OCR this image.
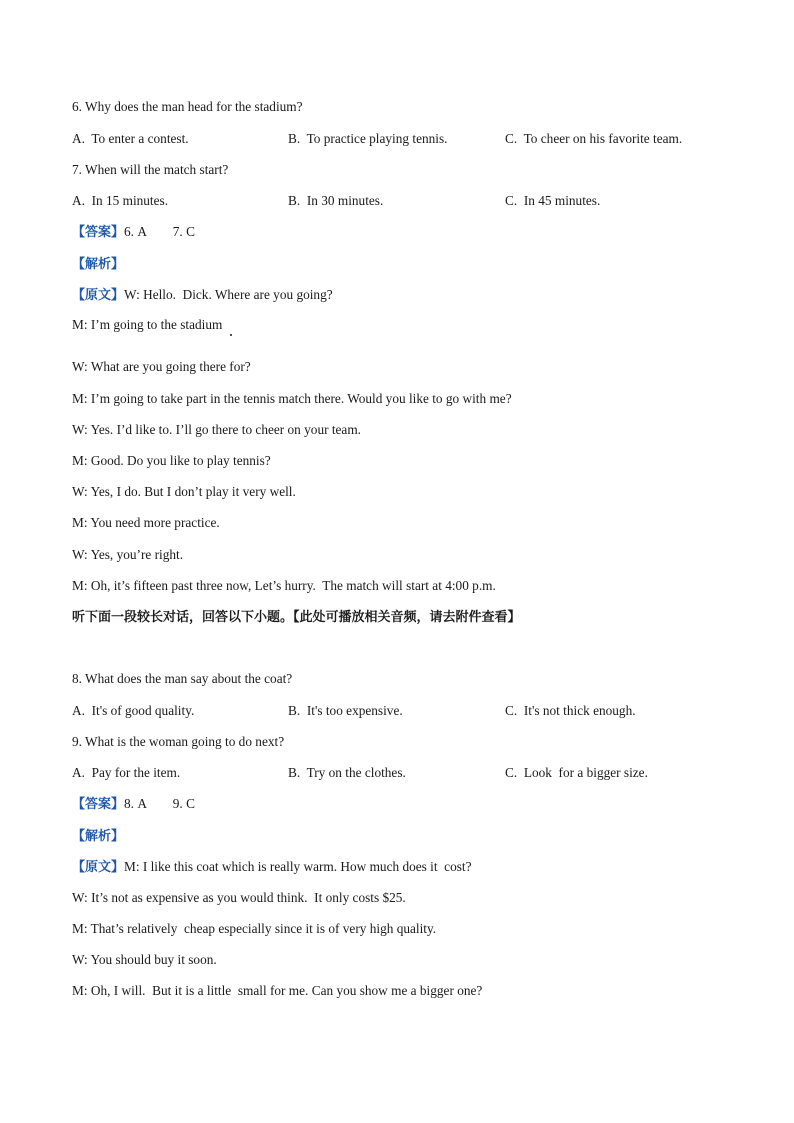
6. Why does the man head for the stadium?
A.  To enter a contest.	B.  To practice playing tennis.	C.  To cheer on his favorite team.
7. When will the match start?
A.  In 15 minutes.	B.  In 30 minutes.	C.  In 45 minutes.
【答案】6. A        7. C
【解析】
【原文】W: Hello.  Dick. Where are you going?
M: I’m going to the stadium
W: What are you going there for?
M: I’m going to take part in the tennis match there. Would you like to go with me?
W: Yes. I’d like to. I’ll go there to cheer on your team.
M: Good. Do you like to play tennis?
W: Yes, I do. But I don’t play it very well.
M: You need more practice.
W: Yes, you’re right.
M: Oh, it’s fifteen past three now, Let’s hurry.  The match will start at 4:00 p.m.
听下面一段较长对话，回答以下小题。【此处可播放相关音频，请去附件查看】
8. What does the man say about the coat?
A.  It's of good quality.	B.  It's too expensive.	C.  It's not thick enough.
9. What is the woman going to do next?
A.  Pay for the item.	B.  Try on the clothes.	C.  Look  for a bigger size.
【答案】8. A        9. C
【解析】
【原文】M: I like this coat which is really warm. How much does it  cost?
W: It’s not as expensive as you would think.  It only costs $25.
M: That’s relatively  cheap especially since it is of very high quality.
W: You should buy it soon.
M: Oh, I will.  But it is a little  small for me. Can you show me a bigger one?
